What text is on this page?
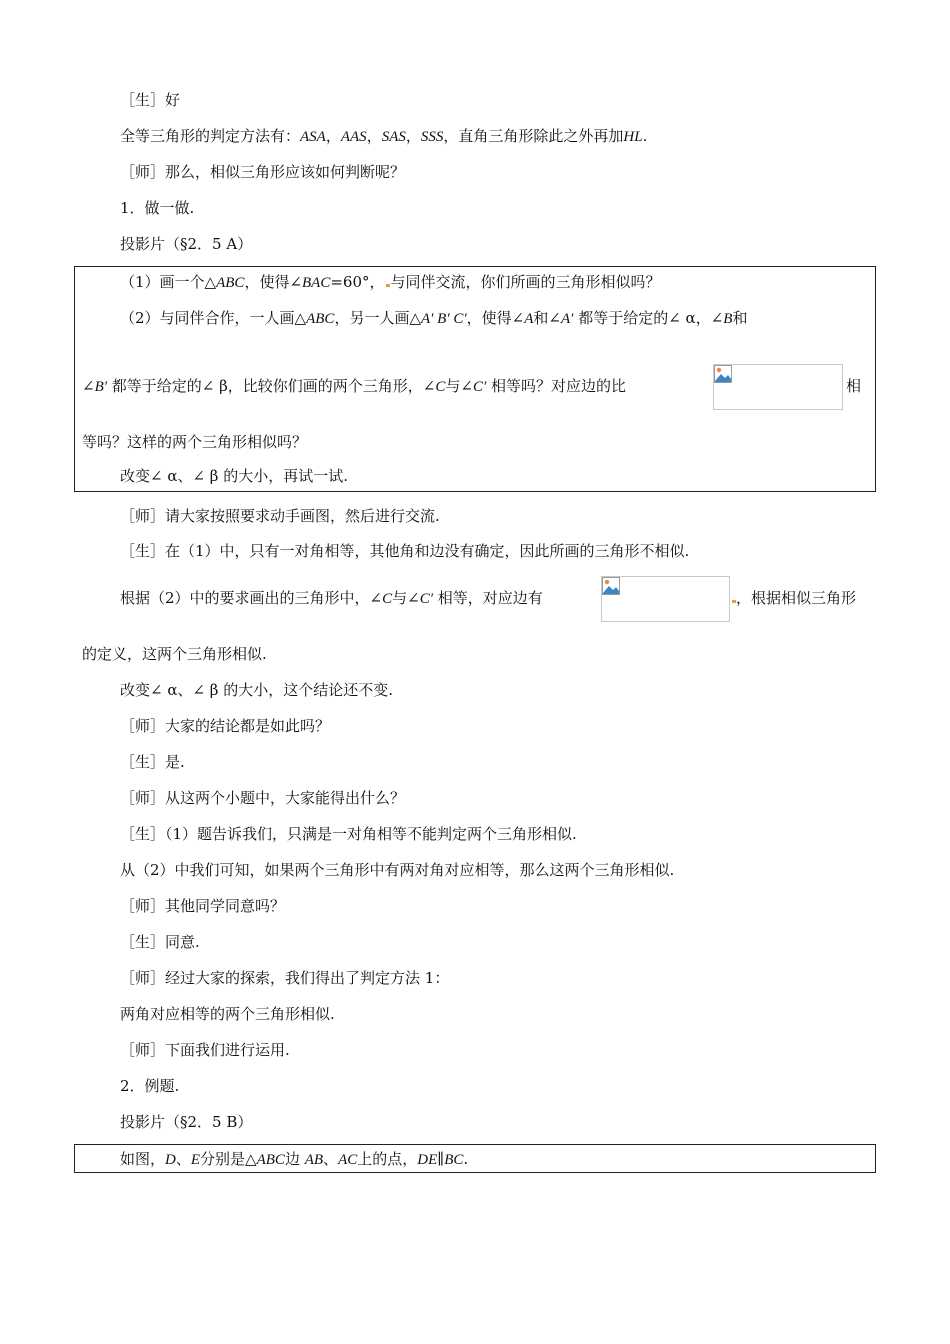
［生］好
全等三角形的判定方法有：ASA，AAS，SAS，SSS，直角三角形除此之外再加HL.
［师］那么，相似三角形应该如何判断呢？
1．做一做.
投影片（§2．5 A）
（1）画一个△ABC，使得∠BAC=60°， 与同伴交流，你们所画的三角形相似吗？
（2）与同伴合作，一人画△ABC，另一人画△A′ B′ C′，使得∠A和∠A′ 都等于给定的∠ α，∠B和
∠B′ 都等于给定的∠ β，比较你们画的两个三角形，∠C与∠C′ 相等吗？对应边的比	相
等吗？这样的两个三角形相似吗？
改变∠ α、∠ β 的大小，再试一试.
［师］请大家按照要求动手画图，然后进行交流.
［生］在（1）中，只有一对角相等，其他角和边没有确定，因此所画的三角形不相似.
根据（2）中的要求画出的三角形中，∠C与∠C′ 相等，对应边有	，根据相似三角形
的定义，这两个三角形相似.
改变∠ α、∠ β 的大小，这个结论还不变.
［师］大家的结论都是如此吗？
［生］是.
［师］从这两个小题中，大家能得出什么？
［生］（1）题告诉我们，只满是一对角相等不能判定两个三角形相似.
从（2）中我们可知，如果两个三角形中有两对角对应相等，那么这两个三角形相似.
［师］其他同学同意吗？
［生］同意.
［师］经过大家的探索，我们得出了判定方法 1：
两角对应相等的两个三角形相似.
［师］下面我们进行运用.
2．例题.
投影片（§2．5 B）
如图，D、E分别是△ABC边 AB、AC上的点，DE∥BC.
